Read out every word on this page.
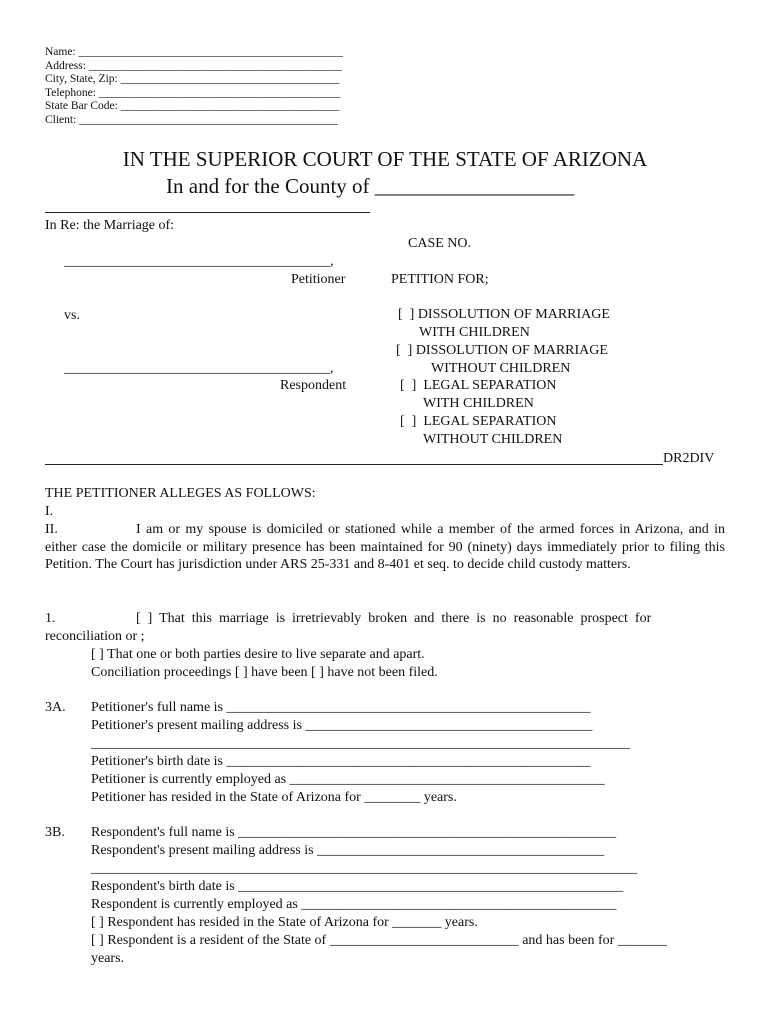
Name: ______________________________________________
Address: ____________________________________________
City, State, Zip: ______________________________________
Telephone: __________________________________________
State Bar Code: ______________________________________
Client: _____________________________________________
IN THE SUPERIOR COURT OF THE STATE OF ARIZONA
In and for the County of ___________________
In Re: the Marriage of:
CASE NO.
______________________________________,
Petitioner	PETITION FOR;
vs.	[  ] DISSOLUTION OF MARRIAGE
WITH CHILDREN
[  ] DISSOLUTION OF MARRIAGE
WITHOUT CHILDREN
______________________________________,
Respondent	[  ]  LEGAL SEPARATION
WITH CHILDREN
[  ]  LEGAL SEPARATION
WITHOUT CHILDREN
DR2DIV
THE PETITIONER ALLEGES AS FOLLOWS:
I.
II.	I am or my spouse is domiciled or stationed while a member of the armed forces in Arizona, and in either case the domicile or military presence has been maintained for 90 (ninety) days immediately prior to filing this Petition. The Court has jurisdiction under ARS 25-331 and 8-401 et seq. to decide child custody matters.
1.	[  ]  That  this  marriage  is  irretrievably  broken  and  there  is  no  reasonable  prospect  for
reconciliation or ;
[ ] That one or both parties desire to live separate and apart.
Conciliation proceedings [ ] have been [ ] have not been filed.
3A. Petitioner's full name is ____________________________________________________
Petitioner's present mailing address is _________________________________________
_____________________________________________________________________________
Petitioner's birth date is ____________________________________________________
Petitioner is currently employed as _____________________________________________
Petitioner has resided in the State of Arizona for ________ years.
3B. Respondent's full name is ______________________________________________________
Respondent's present mailing address is _________________________________________
______________________________________________________________________________
Respondent's birth date is _______________________________________________________
Respondent is currently employed as _____________________________________________
[ ] Respondent has resided in the State of Arizona for _______ years.
[ ] Respondent is a resident of the State of ___________________________ and has been for _______
years.
